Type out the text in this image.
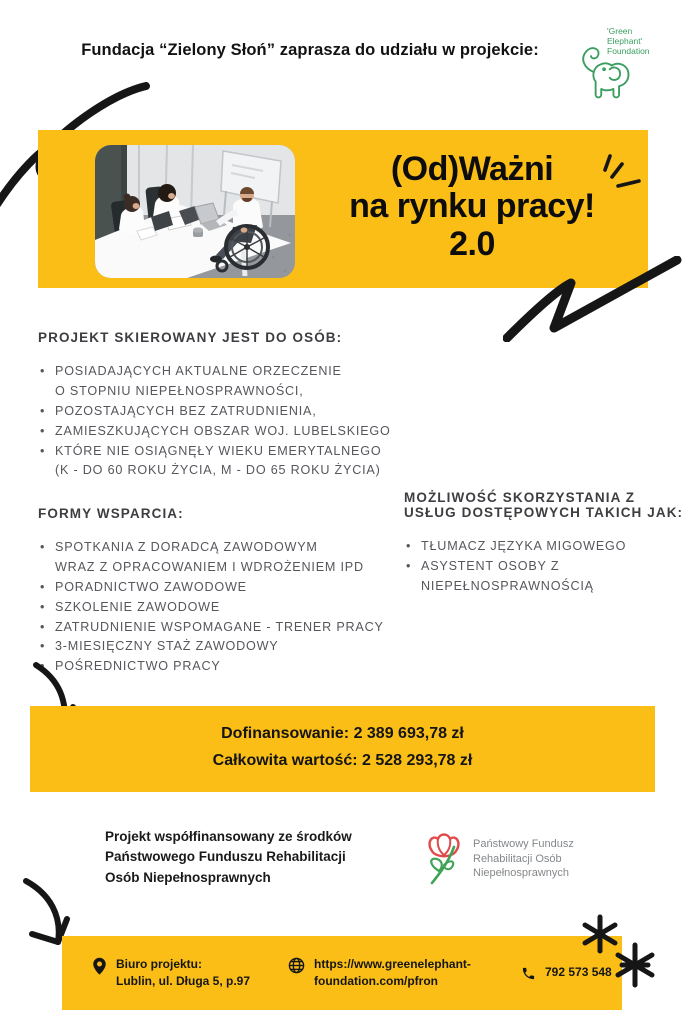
Fundacja “Zielony Słoń” zaprasza do udziału w projekcie:
'Green
Elephant'
Foundation
(Od)Ważni
na rynku pracy!
2.0
PROJEKT SKIEROWANY JEST DO OSÓB:
• POSIADAJĄCYCH AKTUALNE ORZECZENIE
O STOPNIU NIEPEŁNOSPRAWNOŚCI,
• POZOSTAJĄCYCH BEZ ZATRUDNIENIA,
• ZAMIESZKUJĄCYCH OBSZAR WOJ. LUBELSKIEGO
• KTÓRE NIE OSIĄGNĘŁY WIEKU EMERYTALNEGO
(K - DO 60 ROKU ŻYCIA, M - DO 65 ROKU ŻYCIA)
FORMY WSPARCIA:
• SPOTKANIA Z DORADCĄ ZAWODOWYM
WRAZ Z OPRACOWANIEM I WDROŻENIEM IPD
• PORADNICTWO ZAWODOWE
• SZKOLENIE ZAWODOWE
• ZATRUDNIENIE WSPOMAGANE - TRENER PRACY
• 3-MIESIĘCZNY STAŻ ZAWODOWY
• POŚREDNICTWO PRACY
MOŻLIWOŚĆ SKORZYSTANIA Z
USŁUG DOSTĘPOWYCH TAKICH JAK:
• TŁUMACZ JĘZYKA MIGOWEGO
• ASYSTENT OSOBY Z
NIEPEŁNOSPRAWNOŚCIĄ
Dofinansowanie: 2 389 693,78 zł
Całkowita wartość: 2 528 293,78 zł
Projekt współfinansowany ze środków
Państwowego Funduszu Rehabilitacji
Osób Niepełnosprawnych
Państwowy Fundusz
Rehabilitacji Osób
Niepełnosprawnych
Biuro projektu:
Lublin, ul. Długa 5, p.97
https://www.greenelephant-foundation.com/pfron
792 573 548
